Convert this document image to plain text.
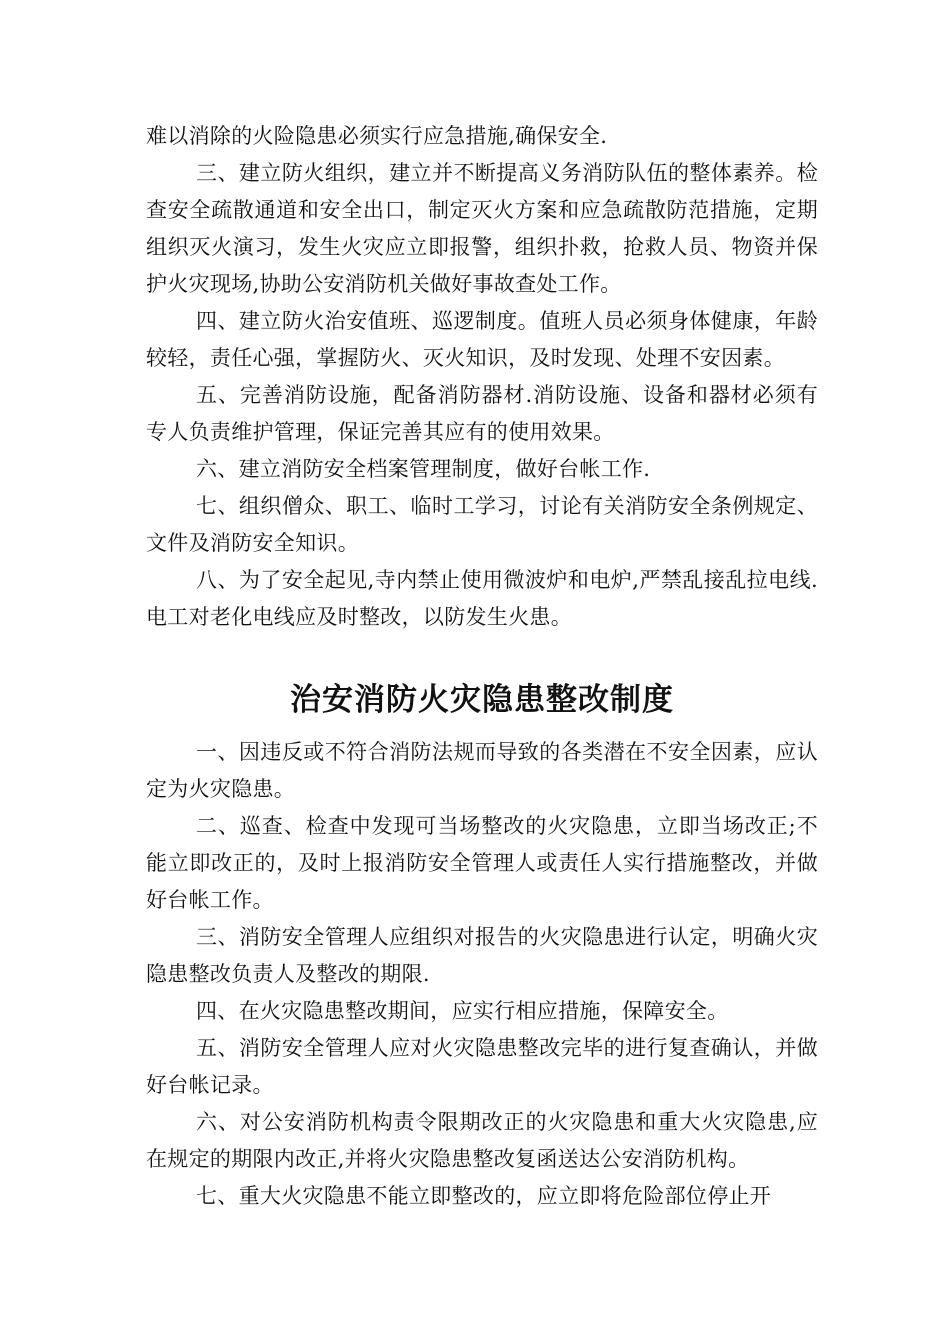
难以消除的火险隐患必须实行应急措施,确保安全.

三、建立防火组织，建立并不断提高义务消防队伍的整体素养。检查安全疏散通道和安全出口，制定灭火方案和应急疏散防范措施，定期组织灭火演习，发生火灾应立即报警，组织扑救，抢救人员、物资并保护火灾现场,协助公安消防机关做好事故查处工作。

四、建立防火治安值班、巡逻制度。值班人员必须身体健康，年龄较轻，责任心强，掌握防火、灭火知识，及时发现、处理不安因素。

五、完善消防设施，配备消防器材.消防设施、设备和器材必须有专人负责维护管理，保证完善其应有的使用效果。

六、建立消防安全档案管理制度，做好台帐工作.

七、组织僧众、职工、临时工学习，讨论有关消防安全条例规定、文件及消防安全知识。

八、为了安全起见,寺内禁止使用微波炉和电炉,严禁乱接乱拉电线.电工对老化电线应及时整改，以防发生火患。

治安消防火灾隐患整改制度

一、因违反或不符合消防法规而导致的各类潜在不安全因素，应认定为火灾隐患。

二、巡查、检查中发现可当场整改的火灾隐患，立即当场改正;不能立即改正的，及时上报消防安全管理人或责任人实行措施整改，并做好台帐工作。

三、消防安全管理人应组织对报告的火灾隐患进行认定，明确火灾隐患整改负责人及整改的期限.

四、在火灾隐患整改期间，应实行相应措施，保障安全。

五、消防安全管理人应对火灾隐患整改完毕的进行复查确认，并做好台帐记录。

六、对公安消防机构责令限期改正的火灾隐患和重大火灾隐患,应在规定的期限内改正,并将火灾隐患整改复函送达公安消防机构。

七、重大火灾隐患不能立即整改的，应立即将危险部位停止开
